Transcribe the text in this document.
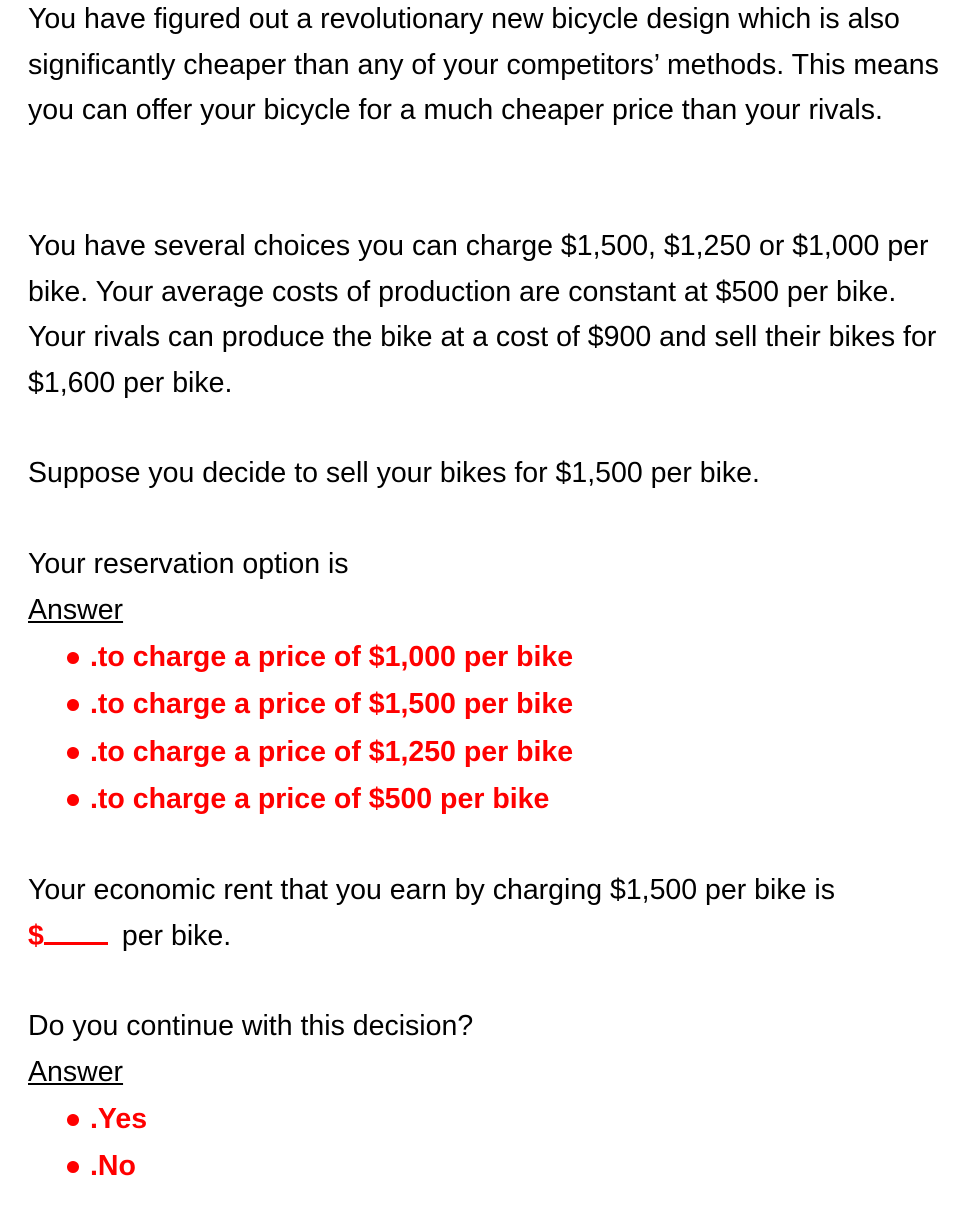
You have figured out a revolutionary new bicycle design which is also significantly cheaper than any of your competitors’ methods. This means you can offer your bicycle for a much cheaper price than your rivals.

You have several choices you can charge $1,500, $1,250 or $1,000 per bike. Your average costs of production are constant at $500 per bike. Your rivals can produce the bike at a cost of $900 and sell their bikes for $1,600 per bike.

Suppose you decide to sell your bikes for $1,500 per bike.

Your reservation option is

Answer
.to charge a price of $1,000 per bike
.to charge a price of $1,500 per bike
.to charge a price of $1,250 per bike
.to charge a price of $500 per bike
Your economic rent that you earn by charging $1,500 per bike is
$	per bike.

Do you continue with this decision?

Answer
.Yes
.No
